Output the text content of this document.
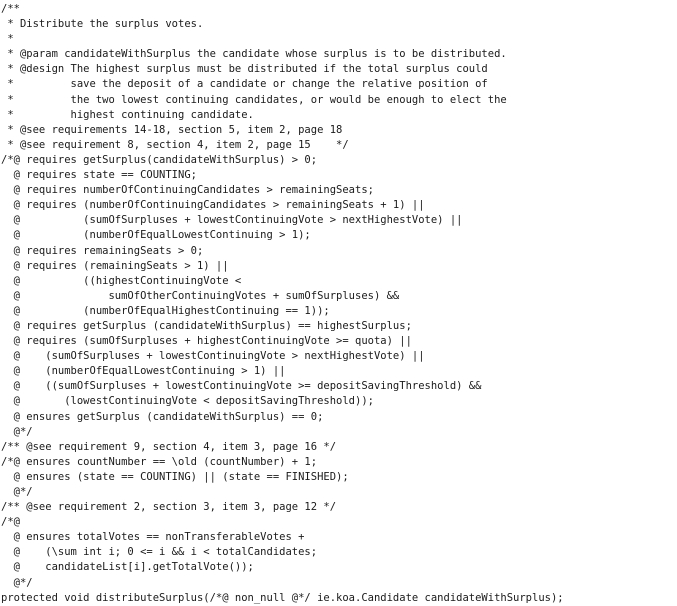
/**
* Distribute the surplus votes.
*
* @param candidateWithSurplus the candidate whose surplus is to be distributed.
* @design The highest surplus must be distributed if the total surplus could
*         save the deposit of a candidate or change the relative position of
*         the two lowest continuing candidates, or would be enough to elect the
*         highest continuing candidate.
* @see requirements 14-18, section 5, item 2, page 18
* @see requirement 8, section 4, item 2, page 15    */
/*@ requires getSurplus(candidateWithSurplus) > 0;
@ requires state == COUNTING;
@ requires numberOfContinuingCandidates > remainingSeats;
@ requires (numberOfContinuingCandidates > remainingSeats + 1) ||
@          (sumOfSurpluses + lowestContinuingVote > nextHighestVote) ||
@          (numberOfEqualLowestContinuing > 1);
@ requires remainingSeats > 0;
@ requires (remainingSeats > 1) ||
@          ((highestContinuingVote <
@              sumOfOtherContinuingVotes + sumOfSurpluses) &&
@          (numberOfEqualHighestContinuing == 1));
@ requires getSurplus (candidateWithSurplus) == highestSurplus;
@ requires (sumOfSurpluses + highestContinuingVote >= quota) ||
@    (sumOfSurpluses + lowestContinuingVote > nextHighestVote) ||
@    (numberOfEqualLowestContinuing > 1) ||
@    ((sumOfSurpluses + lowestContinuingVote >= depositSavingThreshold) &&
@       (lowestContinuingVote < depositSavingThreshold));
@ ensures getSurplus (candidateWithSurplus) == 0;
@*/
/** @see requirement 9, section 4, item 3, page 16 */
/*@ ensures countNumber == \old (countNumber) + 1;
@ ensures (state == COUNTING) || (state == FINISHED);
@*/
/** @see requirement 2, section 3, item 3, page 12 */
/*@
@ ensures totalVotes == nonTransferableVotes +
@    (\sum int i; 0 <= i && i < totalCandidates;
@    candidateList[i].getTotalVote());
@*/
protected void distributeSurplus(/*@ non_null @*/ ie.koa.Candidate candidateWithSurplus);
